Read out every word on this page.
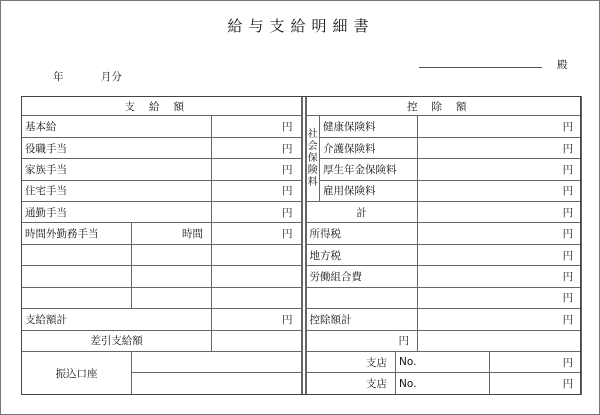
給与支給明細書
年	月分
殿
支給額				控除額				
基本給		円		社会保険料	健康保険料		円	
役職手当		円			介護保険料		円	
家族手当		円			厚生年金保険料		円	
住宅手当		円			雇用保険料		円	
通勤手当		円		計			円	
時間外勤務手当	時間	円		所得税			円	
				地方税			円	
				労働組合費			円	
							円	
支給額計		円		控除額計			円	
差引支給額				円				
振込口座				支店		No.		円
				支店		No.		円
